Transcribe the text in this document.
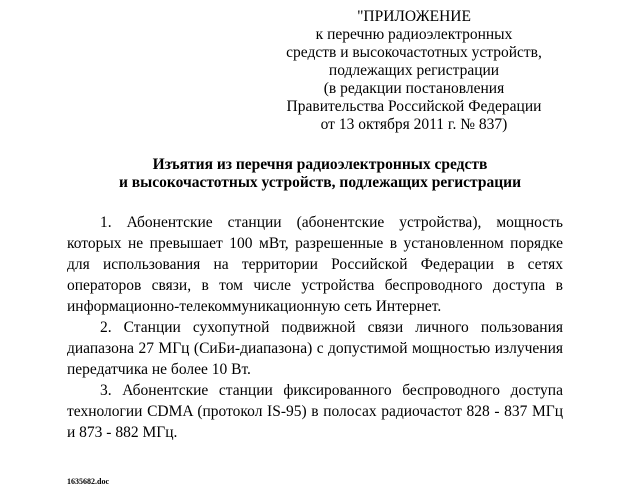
"ПРИЛОЖЕНИЕ
к перечню радиоэлектронных
средств и высокочастотных устройств,
подлежащих регистрации
(в редакции постановления
Правительства Российской Федерации
от 13 октября 2011 г. № 837)
Изъятия из перечня радиоэлектронных средств
и высокочастотных устройств, подлежащих регистрации

1. Абонентские станции (абонентские устройства), мощность которых не превышает 100 мВт, разрешенные в установленном порядке для использования на территории Российской Федерации в сетях операторов связи, в том числе устройства беспроводного доступа в информационно-телекоммуникационную сеть Интернет.

2. Станции сухопутной подвижной связи личного пользования диапазона 27 МГц (СиБи-диапазона) с допустимой мощностью излучения передатчика не более 10 Вт.

3. Абонентские станции фиксированного беспроводного доступа технологии CDMA (протокол IS-95) в полосах радиочастот 828 - 837 МГц и 873 - 882 МГц.

1635682.doc
